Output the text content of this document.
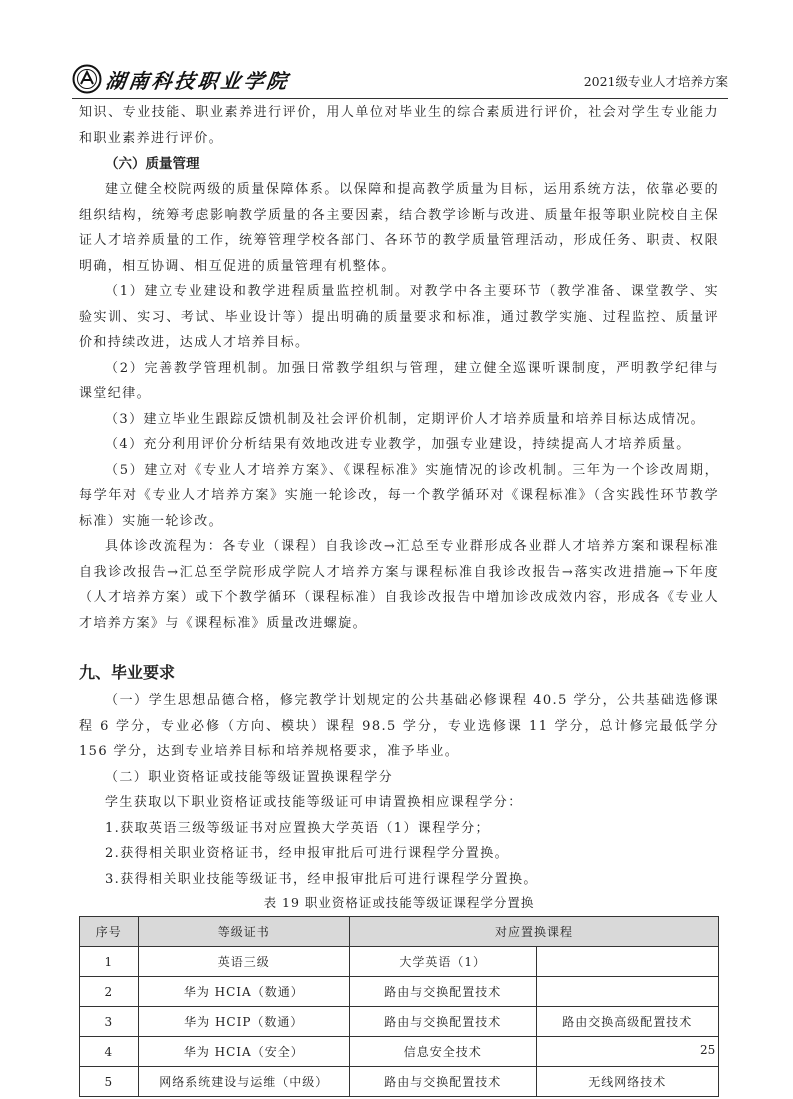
湖南科技职业学院	2021级专业人才培养方案

知识、专业技能、职业素养进行评价，用人单位对毕业生的综合素质进行评价，社会对学生专业能力和职业素养进行评价。

（六）质量管理

建立健全校院两级的质量保障体系。以保障和提高教学质量为目标，运用系统方法，依靠必要的组织结构，统筹考虑影响教学质量的各主要因素，结合教学诊断与改进、质量年报等职业院校自主保证人才培养质量的工作，统筹管理学校各部门、各环节的教学质量管理活动，形成任务、职责、权限明确，相互协调、相互促进的质量管理有机整体。

（1）建立专业建设和教学进程质量监控机制。对教学中各主要环节（教学准备、课堂教学、实验实训、实习、考试、毕业设计等）提出明确的质量要求和标准，通过教学实施、过程监控、质量评价和持续改进，达成人才培养目标。

（2）完善教学管理机制。加强日常教学组织与管理，建立健全巡课听课制度，严明教学纪律与课堂纪律。

（3）建立毕业生跟踪反馈机制及社会评价机制，定期评价人才培养质量和培养目标达成情况。

（4）充分利用评价分析结果有效地改进专业教学，加强专业建设，持续提高人才培养质量。

（5）建立对《专业人才培养方案》、《课程标准》实施情况的诊改机制。三年为一个诊改周期，每学年对《专业人才培养方案》实施一轮诊改，每一个教学循环对《课程标准》（含实践性环节教学标准）实施一轮诊改。

具体诊改流程为：各专业（课程）自我诊改→汇总至专业群形成各业群人才培养方案和课程标准自我诊改报告→汇总至学院形成学院人才培养方案与课程标准自我诊改报告→落实改进措施→下年度（人才培养方案）或下个教学循环（课程标准）自我诊改报告中增加诊改成效内容，形成各《专业人才培养方案》与《课程标准》质量改进螺旋。

九、毕业要求

（一）学生思想品德合格，修完教学计划规定的公共基础必修课程 40.5 学分，公共基础选修课程 6 学分，专业必修（方向、模块）课程 98.5 学分，专业选修课 11 学分，总计修完最低学分 156 学分，达到专业培养目标和培养规格要求，准予毕业。

（二）职业资格证或技能等级证置换课程学分

学生获取以下职业资格证或技能等级证可申请置换相应课程学分：

1.获取英语三级等级证书对应置换大学英语（1）课程学分；

2.获得相关职业资格证书，经申报审批后可进行课程学分置换。

3.获得相关职业技能等级证书，经申报审批后可进行课程学分置换。

表 19 职业资格证或技能等级证课程学分置换
序号	等级证书	对应置换课程	
1	英语三级	大学英语（1）	
2	华为 HCIA（数通）	路由与交换配置技术	
3	华为 HCIP（数通）	路由与交换配置技术	路由交换高级配置技术
4	华为 HCIA（安全）	信息安全技术	
5	网络系统建设与运维（中级）	路由与交换配置技术	无线网络技术
25
